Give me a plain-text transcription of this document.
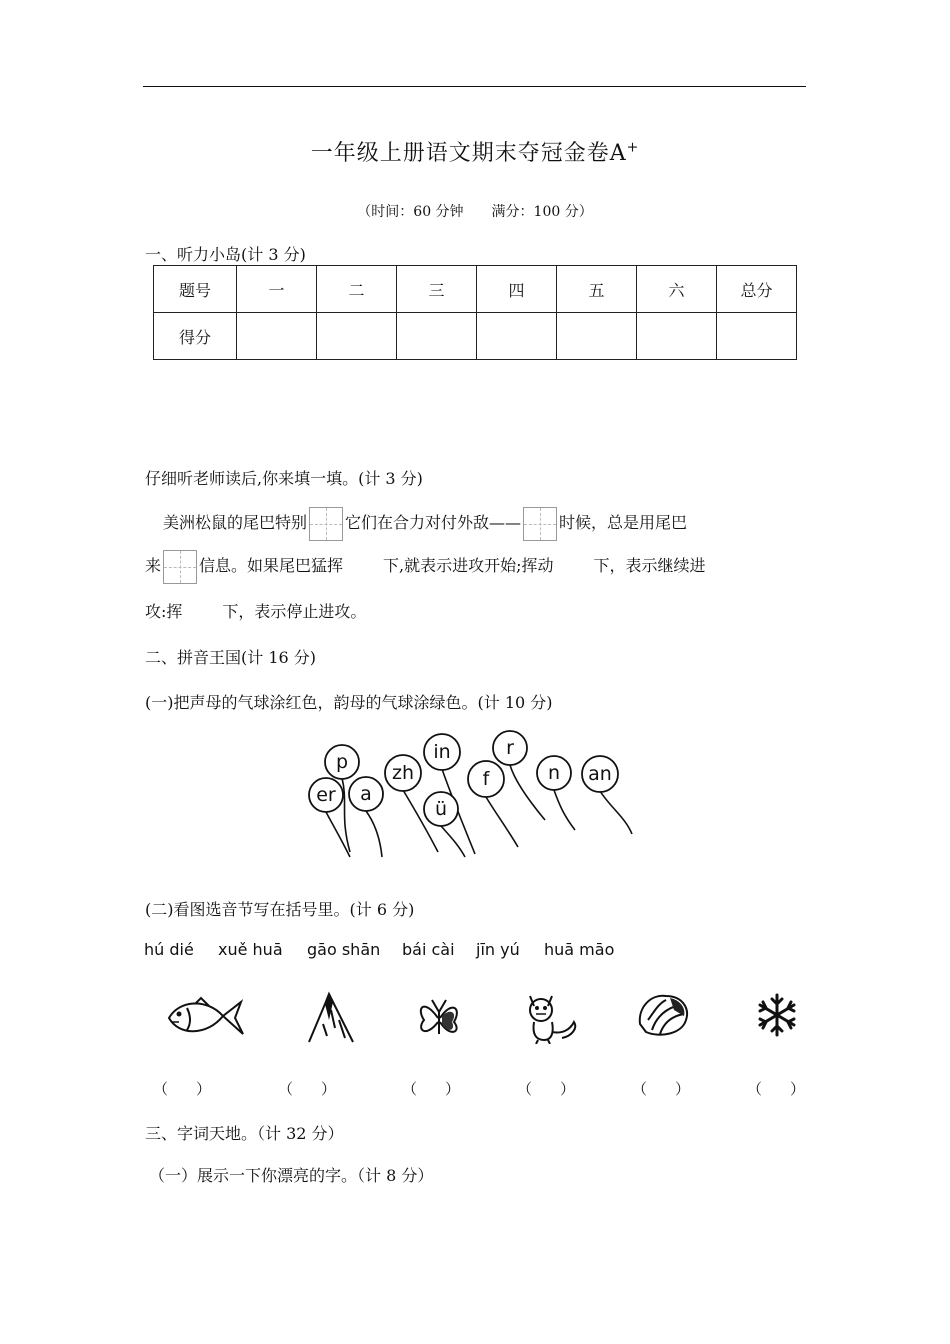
一年级上册语文期末夺冠金卷A+
（时间：60 分钟 满分：100 分）
一、听力小岛(计 3 分)
题号	一	二	三	四	五	六	总分
得分							
仔细听老师读后,你来填一填。(计 3 分)
美洲松鼠的尾巴特别 它们在合力对付外敌—— 时候，总是用尾巴
来 信息。如果尾巴猛挥	下,就表示进攻开始;挥动	下，表示继续进
攻:挥	下，表示停止进攻。
二、拼音王国(计 16 分)
(一)把声母的气球涂红色，韵母的气球涂绿色。(计 10 分)
p
er a
zh
in
ü
f
r
n an
(二)看图选音节写在括号里。(计 6 分)
hú dié xuě huā gāo shān bái cài jīn yú huā māo
（ ）	（ ）	（ ）	（ ）	（ ）	（ ）
三、字词天地。（计 32 分）
（一）展示一下你漂亮的字。（计 8 分）
